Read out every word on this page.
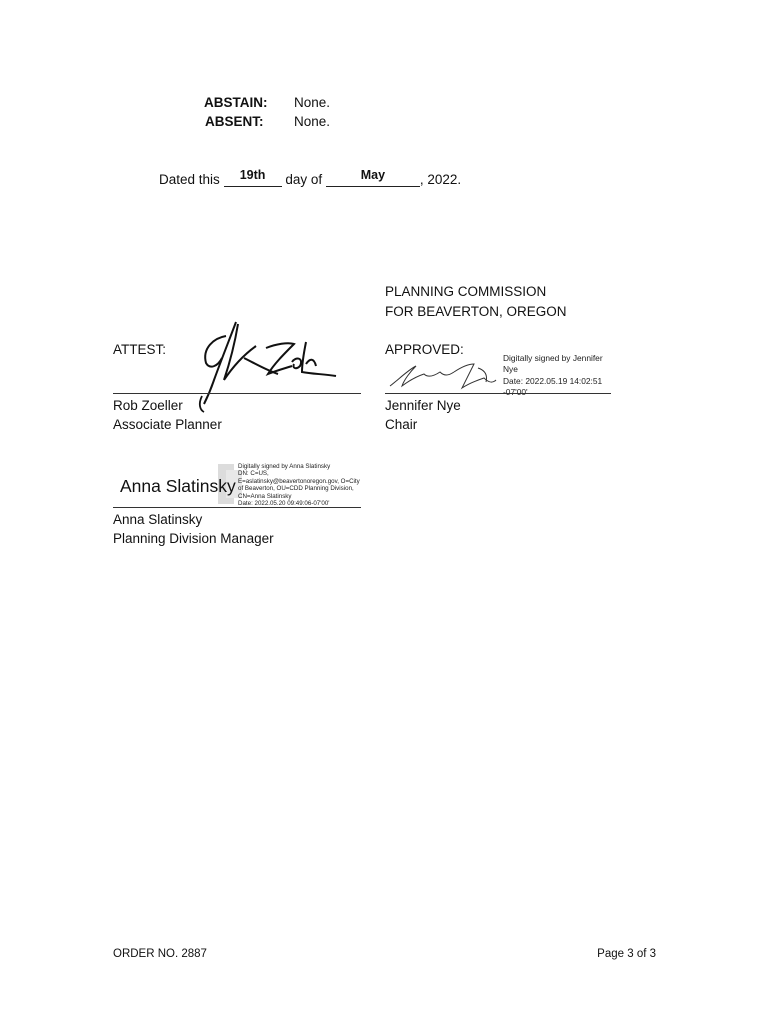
ABSTAIN: None.
ABSENT: None.
Dated this	19th	day of	May	, 2022.
PLANNING COMMISSION
FOR BEAVERTON, OREGON
ATTEST:
Rob Zoeller
Associate Planner
APPROVED:
Digitally signed by Jennifer
Nye
Date: 2022.05.19 14:02:51
-07'00'
Jennifer Nye
Chair
Anna Slatinsky
Digitally signed by Anna Slatinsky
DN: C=US,
E=aslatinsky@beavertonoregon.gov, O=City
of Beaverton, OU=CDD Planning Division,
CN=Anna Slatinsky
Date: 2022.05.20 09:49:06-07'00'
Anna Slatinsky
Planning Division Manager
ORDER NO. 2887	Page 3 of 3
